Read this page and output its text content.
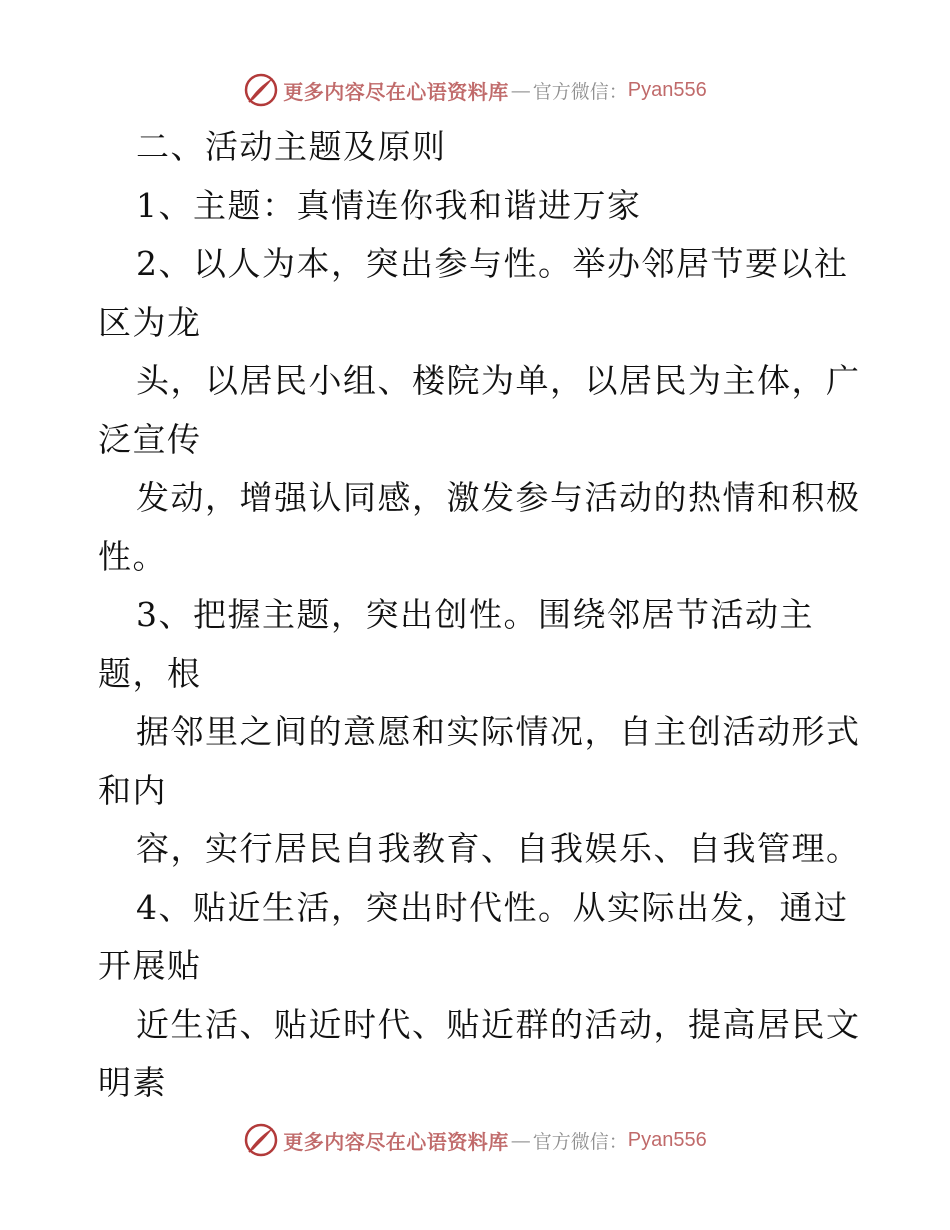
更多内容尽在心语资料库 — 官方微信： Pyan556
二、活动主题及原则
1、主题：真情连你我和谐进万家
2、以人为本，突出参与性。举办邻居节要以社
区为龙
头，以居民小组、楼院为单，以居民为主体，广
泛宣传
发动，增强认同感，激发参与活动的热情和积极
性。
3、把握主题，突出创性。围绕邻居节活动主
题，根
据邻里之间的意愿和实际情况，自主创活动形式
和内
容，实行居民自我教育、自我娱乐、自我管理。
4、贴近生活，突出时代性。从实际出发，通过
开展贴
近生活、贴近时代、贴近群的活动，提高居民文
明素
更多内容尽在心语资料库 — 官方微信： Pyan556
